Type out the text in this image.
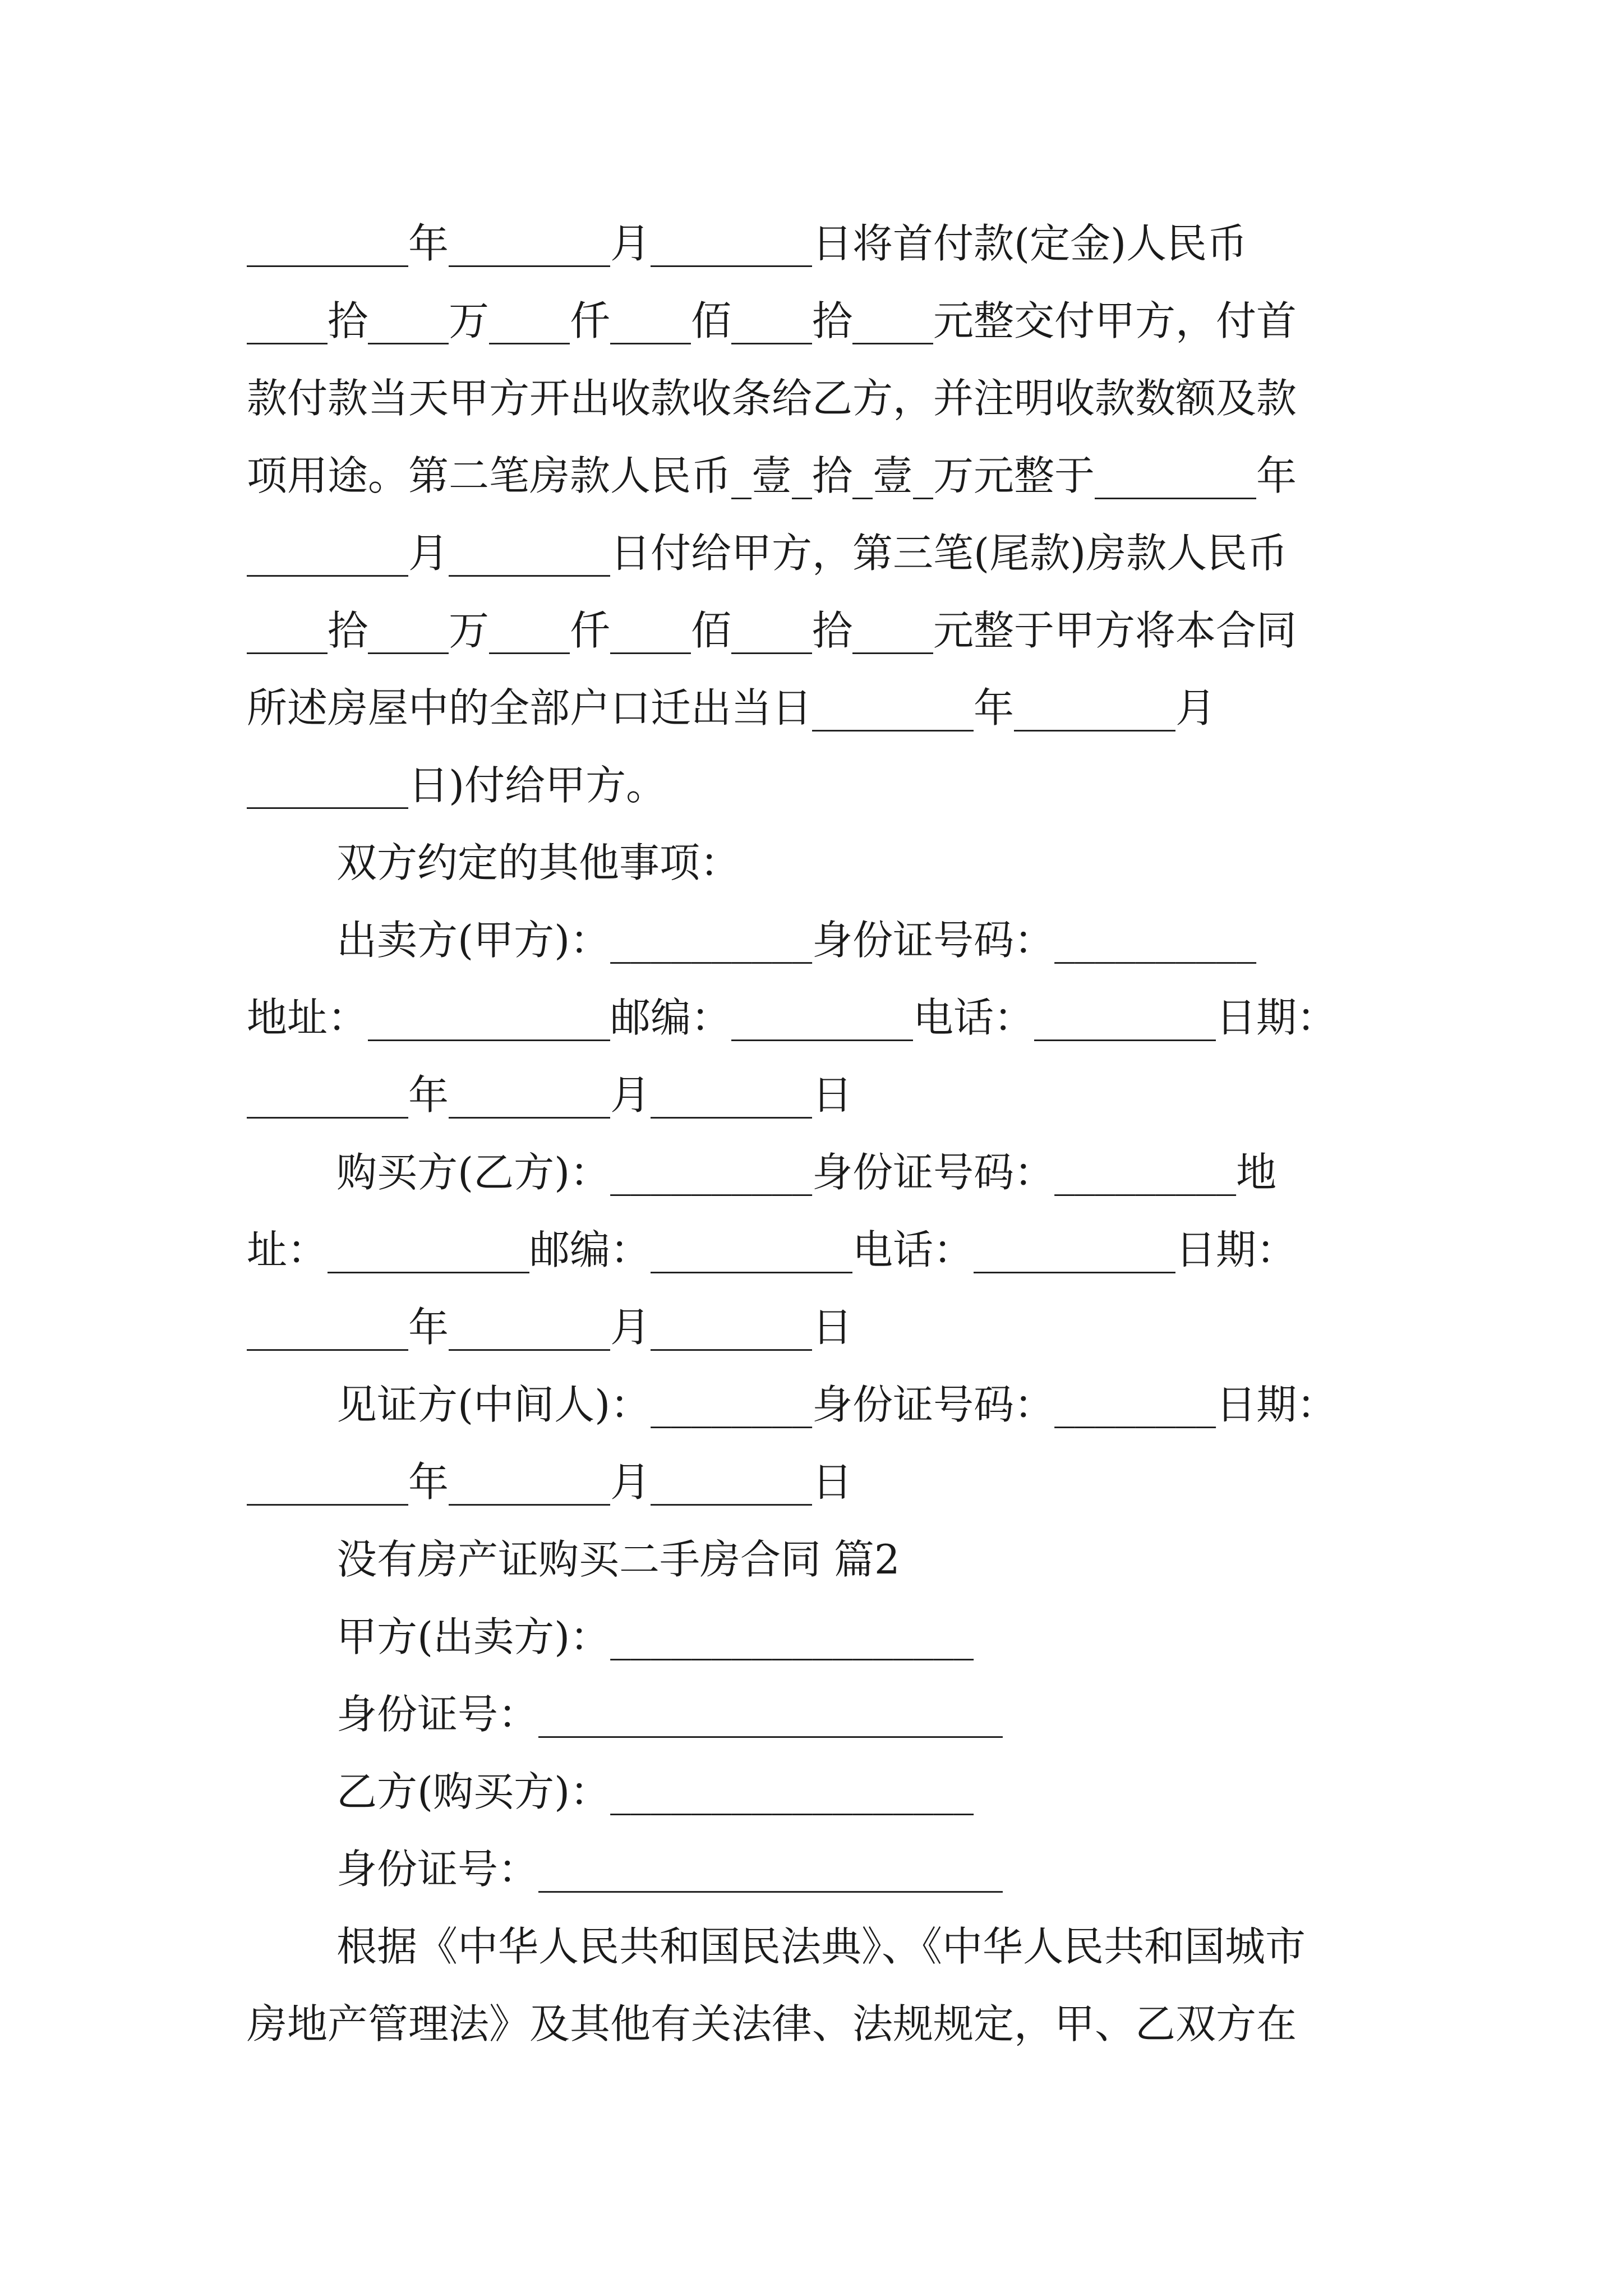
________年________月________日将首付款(定金)人民币
____拾____万____仟____佰____拾____元整交付甲方，付首
款付款当天甲方开出收款收条给乙方，并注明收款数额及款
项用途。第二笔房款人民币_壹_拾_壹_万元整于________年
________月________日付给甲方，第三笔(尾款)房款人民币
____拾____万____仟____佰____拾____元整于甲方将本合同
所述房屋中的全部户口迁出当日________年________月
________日)付给甲方。
双方约定的其他事项：
出卖方(甲方)：__________身份证号码：__________
地址：____________邮编：_________电话：_________日期：
________年________月________日
购买方(乙方)：__________身份证号码：_________地
址：__________邮编：__________电话：__________日期：
________年________月________日
见证方(中间人)：________身份证号码：________日期：
________年________月________日
没有房产证购买二手房合同 篇2
甲方(出卖方)：__________________
身份证号：_______________________
乙方(购买方)：__________________
身份证号：_______________________
根据《中华人民共和国民法典》、《中华人民共和国城市
房地产管理法》及其他有关法律、法规规定，甲、乙双方在
